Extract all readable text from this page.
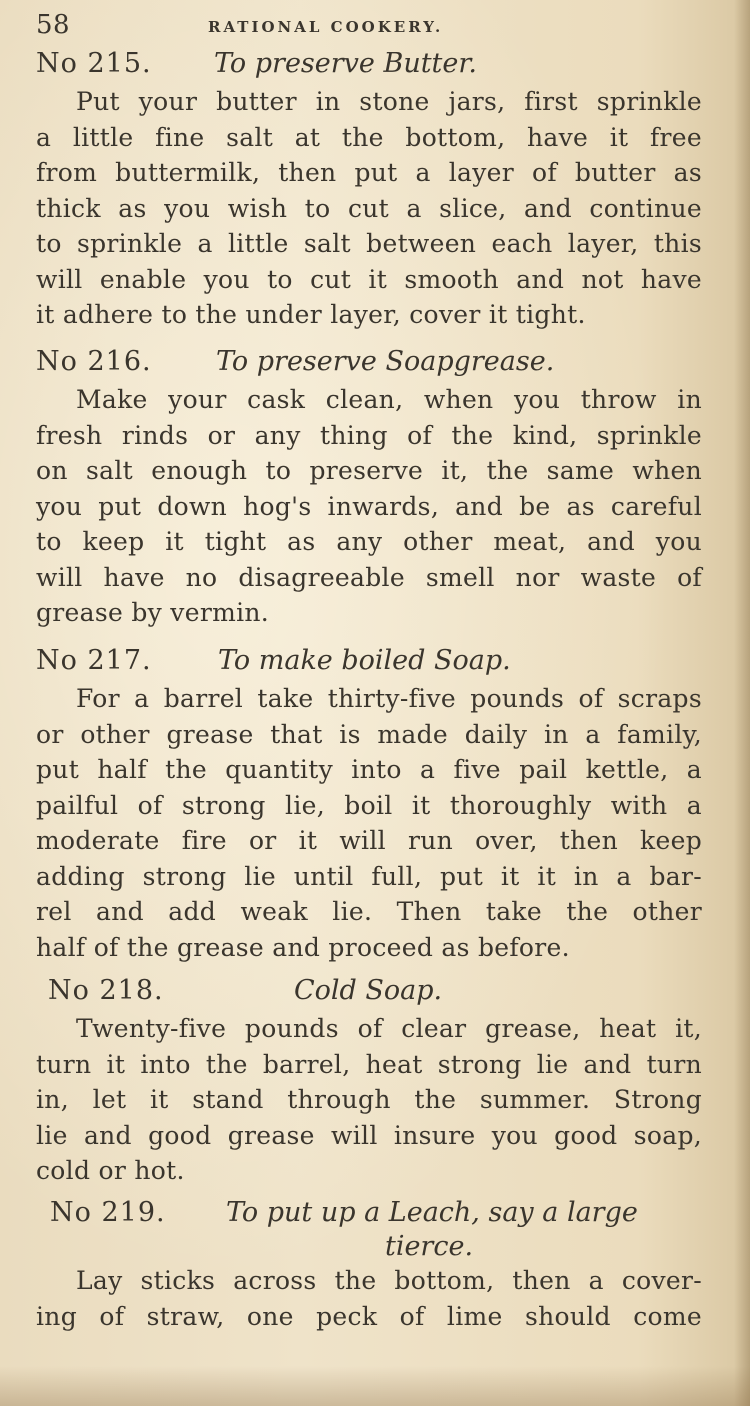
58	RATIONAL COOKERY.
No 215. To preserve Butter.
Put your butter in stone jars, first sprinkle
a little fine salt at the bottom, have it free
from buttermilk, then put a layer of butter as
thick as you wish to cut a slice, and continue
to sprinkle a little salt between each layer, this
will enable you to cut it smooth and not have
it adhere to the under layer, cover it tight.
No 216. To preserve Soapgrease.
Make your cask clean, when you throw in
fresh rinds or any thing of the kind, sprinkle
on salt enough to preserve it, the same when
you put down hog's inwards, and be as careful
to keep it tight as any other meat, and you
will have no disagreeable smell nor waste of
grease by vermin.
No 217. To make boiled Soap.
For a barrel take thirty-five pounds of scraps
or other grease that is made daily in a family,
put half the quantity into a five pail kettle, a
pailful of strong lie, boil it thoroughly with a
moderate fire or it will run over, then keep
adding strong lie until full, put it it in a bar-
rel and add weak lie. Then take the other
half of the grease and proceed as before.
No 218.	Cold Soap.
Twenty-five pounds of clear grease, heat it,
turn it into the barrel, heat strong lie and turn
in, let it stand through the summer. Strong
lie and good grease will insure you good soap,
cold or hot.
No 219. To put up a Leach, say a large
tierce.
Lay sticks across the bottom, then a cover-
ing of straw, one peck of lime should come
